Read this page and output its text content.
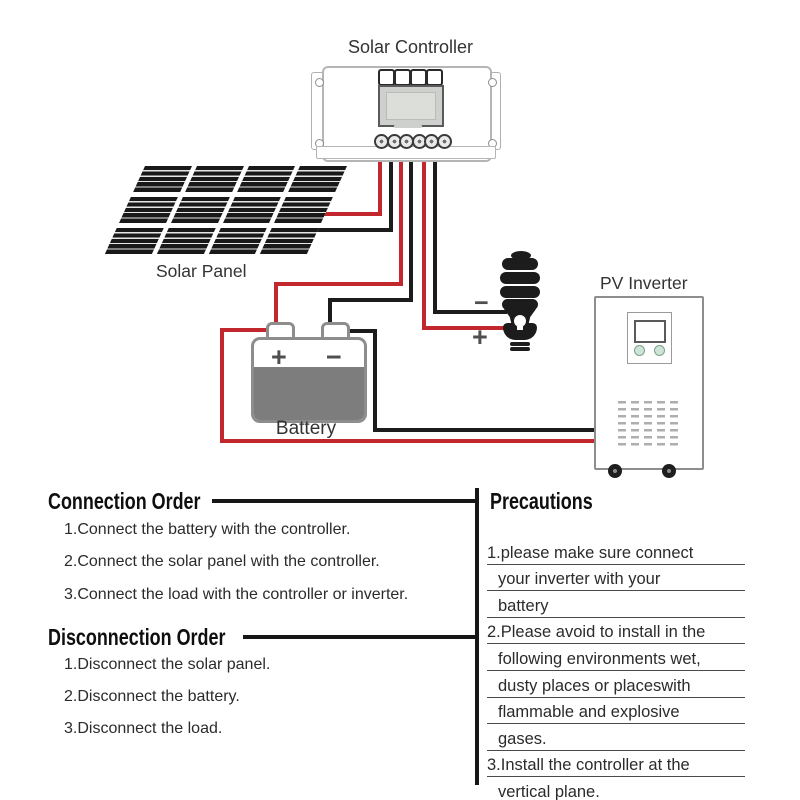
Solar Controller
Solar Panel
+ −
Battery
−
+
PV Inverter
Connection Order
1.Connect the battery with the controller.
2.Connect the solar panel with the controller.
3.Connect the load with the controller or inverter.
Disconnection Order
1.Disconnect the solar panel.
2.Disconnect the battery.
3.Disconnect the load.
Precautions
1.please make sure connect
your inverter with your
battery
2.Please avoid to install in the
following environments wet,
dusty places or placeswith
flammable and explosive
gases.
3.Install the controller at the
vertical plane.
